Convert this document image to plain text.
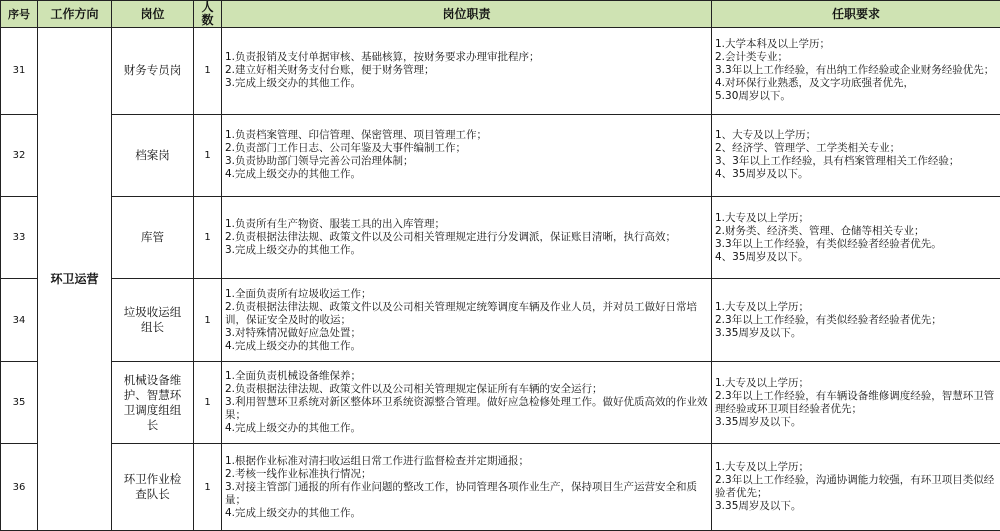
序号	工作方向	岗位	人数	岗位职责	任职要求
31	环卫运营	财务专员岗	1	1.负责报销及支付单据审核、基础核算，按财务要求办理审批程序；
2.建立好相关财务支付台账，便于财务管理；
3.完成上级交办的其他工作。	1.大学本科及以上学历；
2.会计类专业；
3.3年以上工作经验，有出纳工作经验或企业财务经验优先；
4.对环保行业熟悉，及文字功底强者优先，
5.30周岁以下。

32		档案岗	1	1.负责档案管理、印信管理、保密管理、项目管理工作；
2.负责部门工作日志、公司年鉴及大事件编制工作；
3.负责协助部门领导完善公司治理体制；
4.完成上级交办的其他工作。	1、大专及以上学历；
2、经济学、管理学、工学类相关专业；
3、3年以上工作经验，具有档案管理相关工作经验；
4、35周岁及以下。

33		库管	1	1.负责所有生产物资、服装工具的出入库管理；
2.负责根据法律法规、政策文件以及公司相关管理规定进行分发调派，保证账目清晰，执行高效；
3.完成上级交办的其他工作。	1.大专及以上学历；
2.财务类、经济类、管理、仓储等相关专业；
3.3年以上工作经验，有类似经验者经验者优先。
4、35周岁及以下。

34		垃圾收运组组长	1	1.全面负责所有垃圾收运工作；
2.负责根据法律法规、政策文件以及公司相关管理规定统筹调度车辆及作业人员，并对员工做好日常培训，保证安全及时的收运；
3.对特殊情况做好应急处置；
4.完成上级交办的其他工作。	1.大专及以上学历；
2.3年以上工作经验，有类似经验者经验者优先；
3.35周岁及以下。

35		机械设备维护、智慧环卫调度组组长	1	1.全面负责机械设备维保养；
2.负责根据法律法规、政策文件以及公司相关管理规定保证所有车辆的安全运行；
3.利用智慧环卫系统对新区整体环卫系统资源整合管理。做好应急检修处理工作。做好优质高效的作业效果；
4.完成上级交办的其他工作。	1.大专及以上学历；
2.3年以上工作经验，有车辆设备维修调度经验，智慧环卫管理经验或环卫项目经验者优先；
3.35周岁及以下。

36		环卫作业检查队长	1	1.根据作业标准对清扫收运组日常工作进行监督检查并定期通报；
2.考核一线作业标准执行情况；
3.对接主管部门通报的所有作业问题的整改工作，协同管理各项作业生产，保持项目生产运营安全和质量；
4.完成上级交办的其他工作。	1.大专及以上学历；
2.3年以上工作经验，沟通协调能力较强，有环卫项目类似经验者优先；
3.35周岁及以下。
